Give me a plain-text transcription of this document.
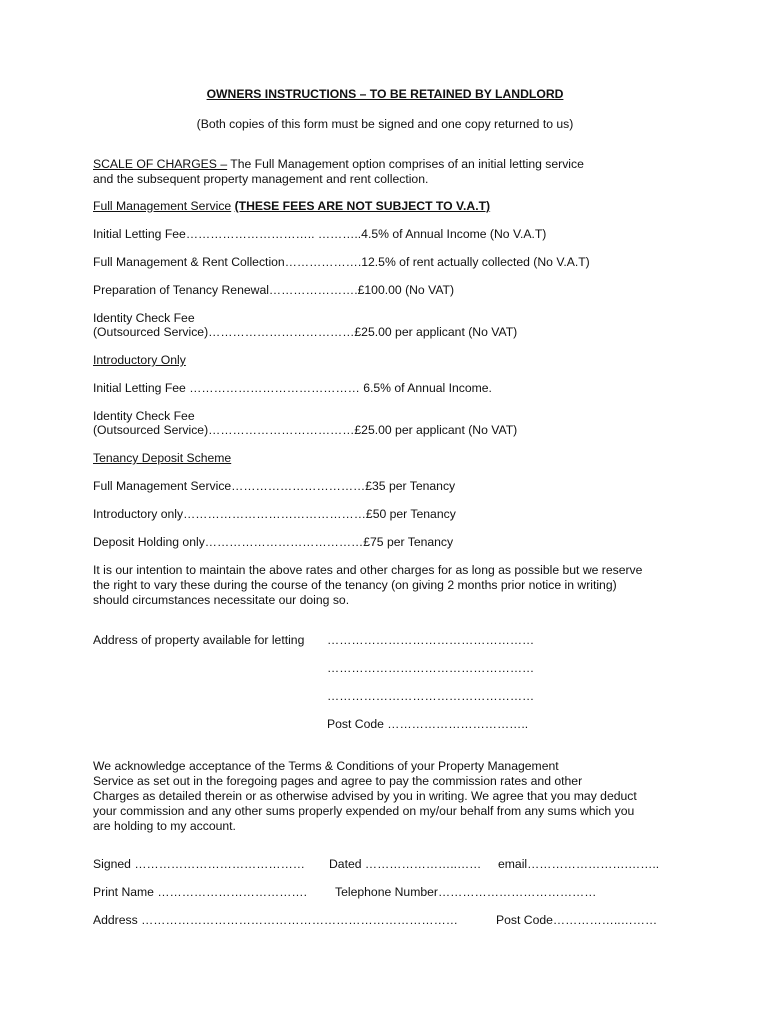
OWNERS INSTRUCTIONS – TO BE RETAINED BY LANDLORD
(Both copies of this form must be signed and one copy returned to us)
SCALE OF CHARGES – The Full Management option comprises of an initial letting service
and the subsequent property management and rent collection.
Full Management Service (THESE FEES ARE NOT SUBJECT TO V.A.T)
Initial Letting Fee………………………….. ………..4.5% of Annual Income (No V.A.T)
Full Management & Rent Collection……………….12.5% of rent actually collected (No V.A.T)
Preparation of Tenancy Renewal………………….£100.00 (No VAT)
Identity Check Fee
(Outsourced Service)………………………………£25.00 per applicant (No VAT)
Introductory Only
Initial Letting Fee …………………………………… 6.5% of Annual Income.
Identity Check Fee
(Outsourced Service)………………………………£25.00 per applicant (No VAT)
Tenancy Deposit Scheme
Full Management Service……………………………£35 per Tenancy
Introductory only………………………………………£50 per Tenancy
Deposit Holding only…………………………………£75 per Tenancy
It is our intention to maintain the above rates and other charges for as long as possible but we reserve
the right to vary these during the course of the tenancy (on giving 2 months prior notice in writing)
should circumstances necessitate our doing so.
Address of property available for letting ……………………………………………
……………………………………………
……………………………………………
Post Code ……………………………..
We acknowledge acceptance of the Terms & Conditions of your Property Management
Service as set out in the foregoing pages and agree to pay the commission rates and other
Charges as detailed therein or as otherwise advised by you in writing. We agree that you may deduct
your commission and any other sums properly expended on my/our behalf from any sums which you
are holding to my account.
Signed …………………………………… Dated …………………..…… email…………………….……..
Print Name ………………………………. Telephone Number…………………………………
Address ……………………………………………………………………	Post Code……………..………
